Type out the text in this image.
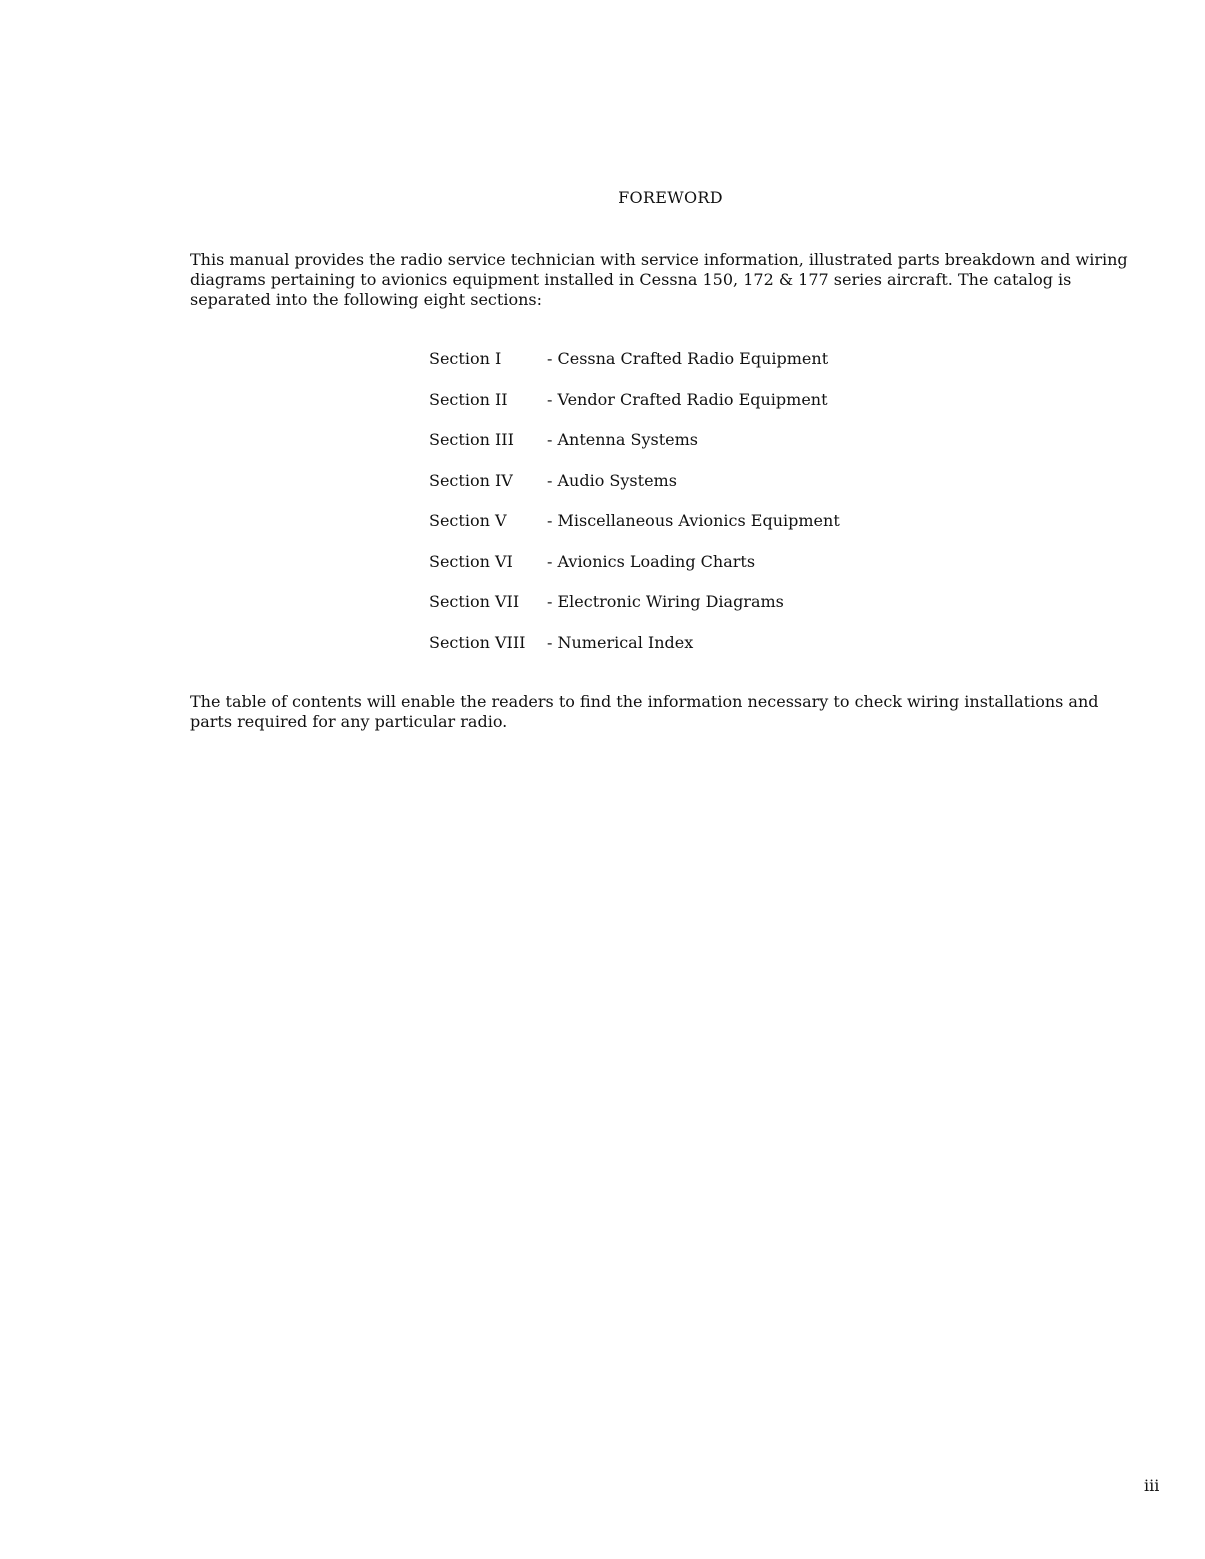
FOREWORD

This manual provides the radio service technician with service information, illustrated parts breakdown and wiring diagrams pertaining to avionics equipment installed in Cessna 150, 172 & 177 series aircraft. The catalog is separated into the following eight sections:

Section I	- Cessna Crafted Radio Equipment
Section II	- Vendor Crafted Radio Equipment
Section III	- Antenna Systems
Section IV	- Audio Systems
Section V	- Miscellaneous Avionics Equipment
Section VI	- Avionics Loading Charts
Section VII	- Electronic Wiring Diagrams
Section VIII	- Numerical Index

The table of contents will enable the readers to find the information necessary to check wiring installations and parts required for any particular radio.

iii
